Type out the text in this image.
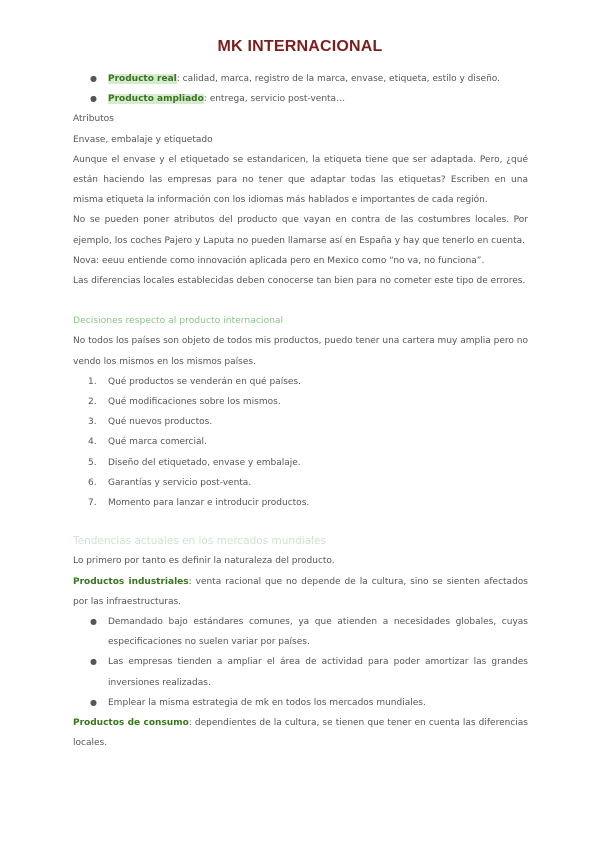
MK INTERNACIONAL

● Producto real: calidad, marca, registro de la marca, envase, etiqueta, estilo y diseño.

● Producto ampliado: entrega, servicio post-venta…

Atributos

Envase, embalaje y etiquetado

Aunque el envase y el etiquetado se estandaricen, la etiqueta tiene que ser adaptada. Pero, ¿qué están haciendo las empresas para no tener que adaptar todas las etiquetas? Escriben en una misma etiqueta la información con los idiomas más hablados e importantes de cada región.

No se pueden poner atributos del producto que vayan en contra de las costumbres locales. Por ejemplo, los coches Pajero y Laputa no pueden llamarse así en España y hay que tenerlo en cuenta.

Nova: eeuu entiende como innovación aplicada pero en Mexico como “no va, no funciona”.

Las diferencias locales establecidas deben conocerse tan bien para no cometer este tipo de errores.

Decisiones respecto al producto internacional

No todos los países son objeto de todos mis productos, puedo tener una cartera muy amplia pero no vendo los mismos en los mismos países.

1. Qué productos se venderán en qué países.

2. Qué modificaciones sobre los mismos.

3. Qué nuevos productos.

4. Qué marca comercial.

5. Diseño del etiquetado, envase y embalaje.

6. Garantías y servicio post-venta.

7. Momento para lanzar e introducir productos.

Tendencias actuales en los mercados mundiales

Lo primero por tanto es definir la naturaleza del producto.

Productos industriales: venta racional que no depende de la cultura, sino se sienten afectados por las infraestructuras.

● Demandado bajo estándares comunes, ya que atienden a necesidades globales, cuyas especificaciones no suelen variar por países.

● Las empresas tienden a ampliar el área de actividad para poder amortizar las grandes inversiones realizadas.

● Emplear la misma estrategia de mk en todos los mercados mundiales.

Productos de consumo: dependientes de la cultura, se tienen que tener en cuenta las diferencias locales.
